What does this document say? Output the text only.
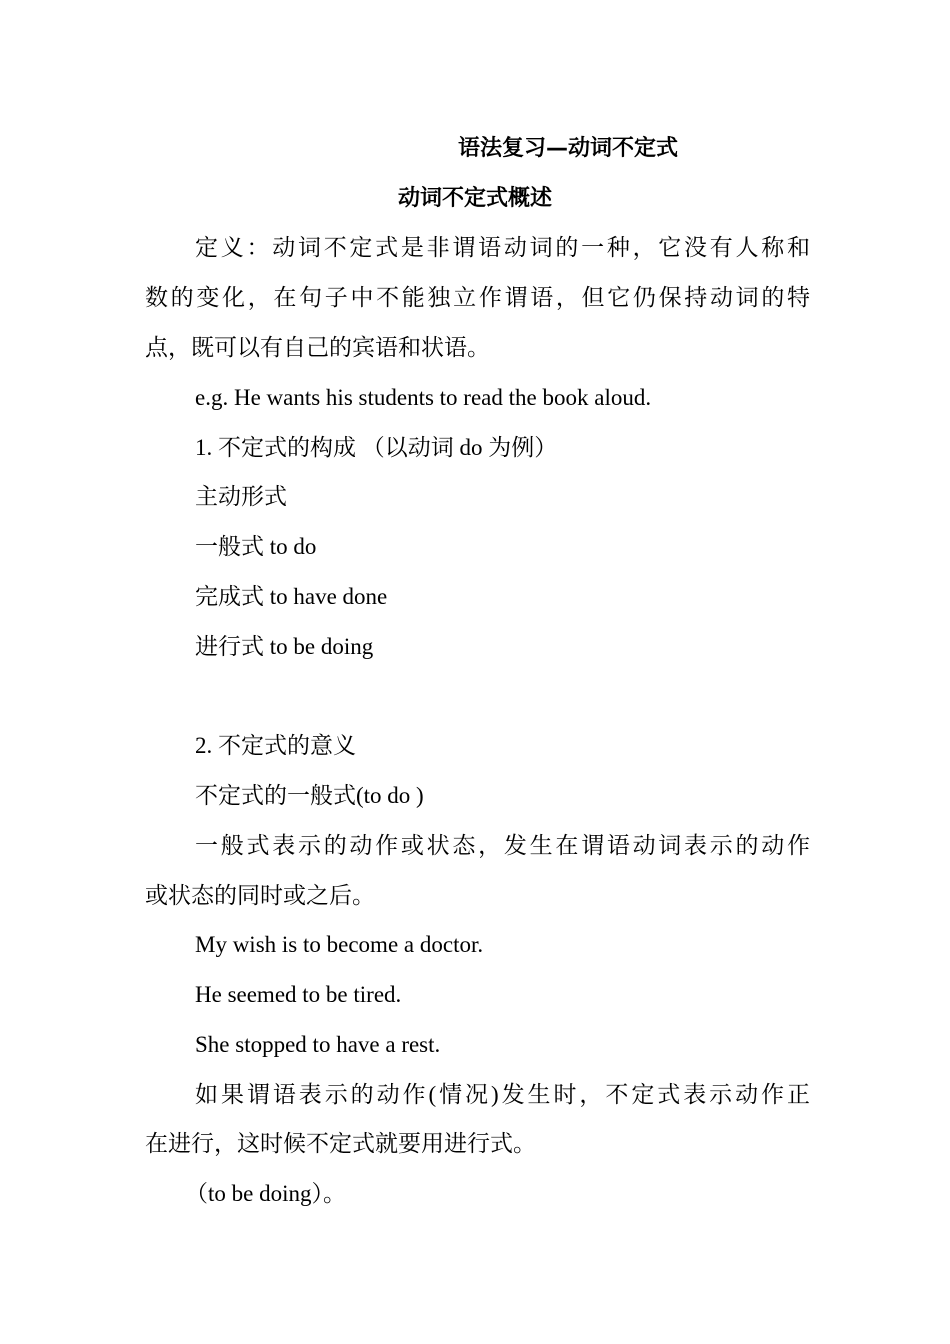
语法复习—动词不定式
动词不定式概述
定义：动词不定式是非谓语动词的一种，它没有人称和
数的变化，在句子中不能独立作谓语，但它仍保持动词的特
点，既可以有自己的宾语和状语。
e.g. He wants his students to read the book aloud.
1. 不定式的构成 （以动词 do 为例）
主动形式
一般式 to do
完成式 to have done
进行式 to be doing
2. 不定式的意义
不定式的一般式(to do )
一般式表示的动作或状态，发生在谓语动词表示的动作
或状态的同时或之后。
My wish is to become a doctor.
He seemed to be tired.
She stopped to have a rest.
如果谓语表示的动作(情况)发生时，不定式表示动作正
在进行，这时候不定式就要用进行式。
（to be doing）。
